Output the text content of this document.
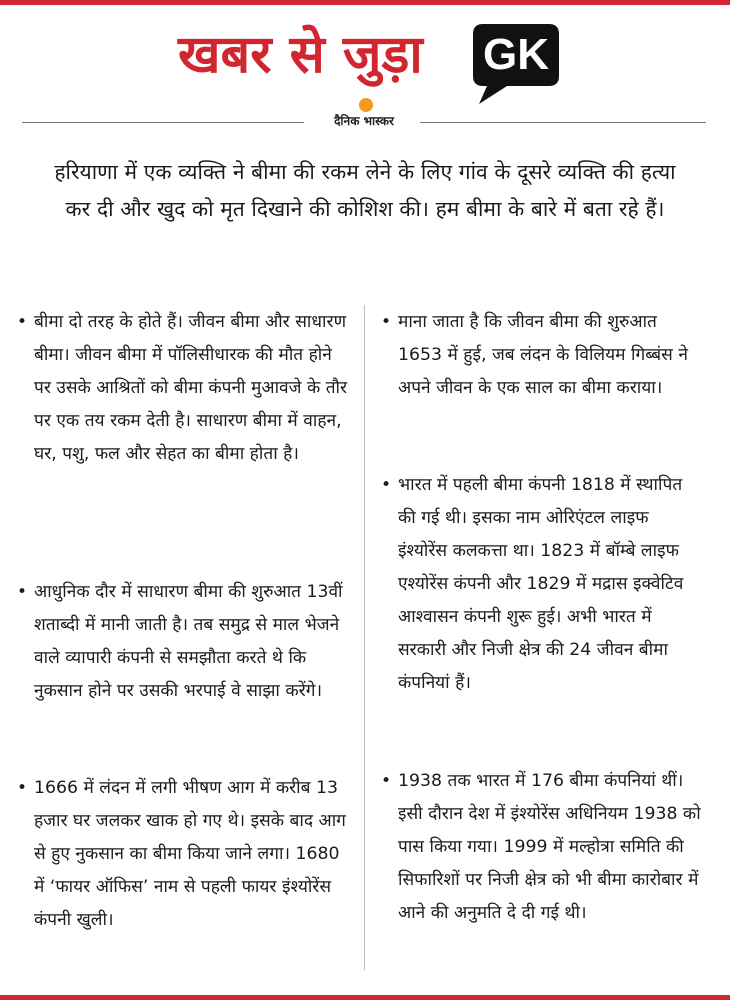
खबर से जुड़ा GK
दैनिक भास्कर
हरियाणा में एक व्यक्ति ने बीमा की रकम लेने के लिए गांव के दूसरे व्यक्ति की हत्या कर दी और खुद को मृत दिखाने की कोशिश की। हम बीमा के बारे में बता रहे हैं।
• बीमा दो तरह के होते हैं। जीवन बीमा और साधारण बीमा। जीवन बीमा में पॉलिसीधारक की मौत होने पर उसके आश्रितों को बीमा कंपनी मुआवजे के तौर पर एक तय रकम देती है। साधारण बीमा में वाहन, घर, पशु, फल और सेहत का बीमा होता है।
• आधुनिक दौर में साधारण बीमा की शुरुआत 13वीं शताब्दी में मानी जाती है। तब समुद्र से माल भेजने वाले व्यापारी कंपनी से समझौता करते थे कि नुकसान होने पर उसकी भरपाई वे साझा करेंगे।
• 1666 में लंदन में लगी भीषण आग में करीब 13 हजार घर जलकर खाक हो गए थे। इसके बाद आग से हुए नुकसान का बीमा किया जाने लगा। 1680 में ‘फायर ऑफिस’ नाम से पहली फायर इंश्योरेंस कंपनी खुली।
• माना जाता है कि जीवन बीमा की शुरुआत 1653 में हुई, जब लंदन के विलियम गिब्बंस ने अपने जीवन के एक साल का बीमा कराया।
• भारत में पहली बीमा कंपनी 1818 में स्थापित की गई थी। इसका नाम ओरिएंटल लाइफ इंश्योरेंस कलकत्ता था। 1823 में बॉम्बे लाइफ एश्योरेंस कंपनी और 1829 में मद्रास इक्वेटिव आश्वासन कंपनी शुरू हुई। अभी भारत में सरकारी और निजी क्षेत्र की 24 जीवन बीमा कंपनियां हैं।
• 1938 तक भारत में 176 बीमा कंपनियां थीं। इसी दौरान देश में इंश्योरेंस अधिनियम 1938 को पास किया गया। 1999 में मल्होत्रा समिति की सिफारिशों पर निजी क्षेत्र को भी बीमा कारोबार में आने की अनुमति दे दी गई थी।
